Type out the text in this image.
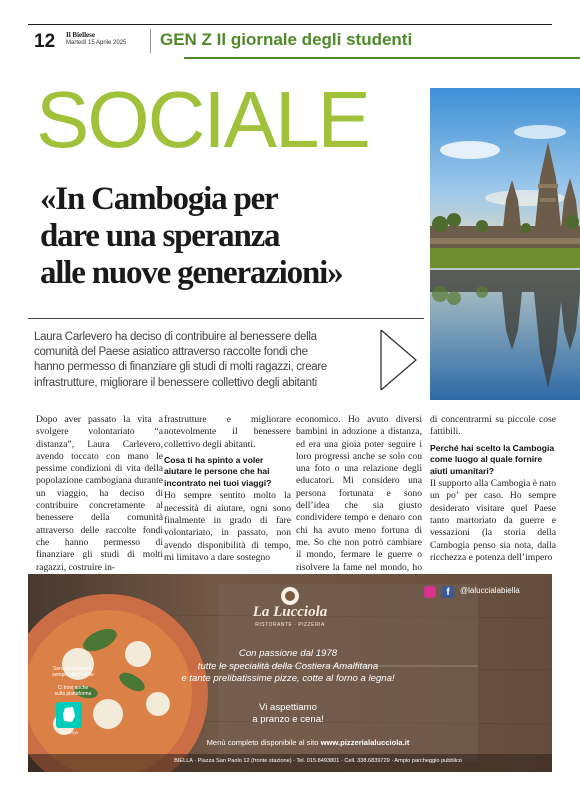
12 Il Biellese
Martedì 15 Aprile 2025 GEN Z Il giornale degli studenti
SOCIALE
«In Cambogia per
dare una speranza
alle nuove generazioni»
Laura Carlevero ha deciso di contribuire al benessere della
comunità del Paese asiatico attraverso raccolte fondi che
hanno permesso di finanziare gli studi di molti ragazzi, creare
infrastrutture, migliorare il benessere collettivo degli abitanti

Dopo aver passato la vita a svolgere volontariato “a distanza”, Laura Carlevero, avendo toccato con mano le pessime condizioni di vita della popolazione cambogiana durante un viaggio, ha deciso di contribuire concretamente al benessere della comunità attraverso delle raccolte fondi che hanno permesso di finanziare gli studi di molti ragazzi, costruire in-

frastrutture e migliorare notevolmente il benessere collettivo degli abitanti.

Cosa ti ha spinto a voler aiutare le persone che hai incontrato nei tuoi viaggi?

Ho sempre sentito molto la necessità di aiutare, ogni sono finalmente in grado di fare volontariato, in passato, non avendo disponibilità di tempo, mi limitavo a dare sostegno

economico. Ho avuto diversi bambini in adozione a distanza, ed era una gioia poter seguire i loro progressi anche se solo con una foto o una relazione degli educatori. Mi considero una persona fortunata e sono dell’idea che sia giusto condividere tempo e denaro con chi ha avuto meno fortuna di me. So che non potrò cambiare il mondo, fermare le guerre o risolvere la fame nel mondo, ho

di concentrarmi su piccole cose fattibili.

Perché hai scelto la Cambogia come luogo al quale fornire aiuti umanitari?

Il supporto alla Cambogia è nato un po’ per caso. Ho sempre desiderato visitare quel Paese tanto martoriato da guerre e vessazioni (la storia della Cambogia penso sia nota, dalla ricchezza e potenza dell’impero

f	@laluccialabiella
La Lucciola
RISTORANTE · PIZZERIA
Con passione dal 1978
tutte le specialità della Costiera Amalfitana
e tante prelibatissime pizze, cotte al forno a legna!
Vi aspettiamo
a pranzo e cena!
Menù completo disponibile al sito www.pizzerialalucciola.it
BIELLA · Piazza San Paolo 12 (fronte stazione) · Tel. 015.8493801 · Cell. 338.6839729 · Ampio parcheggio pubblico
Servizio d’asporto
sempre disponibile
Ci trovi anche
sulla piattaforma
deliveroo
